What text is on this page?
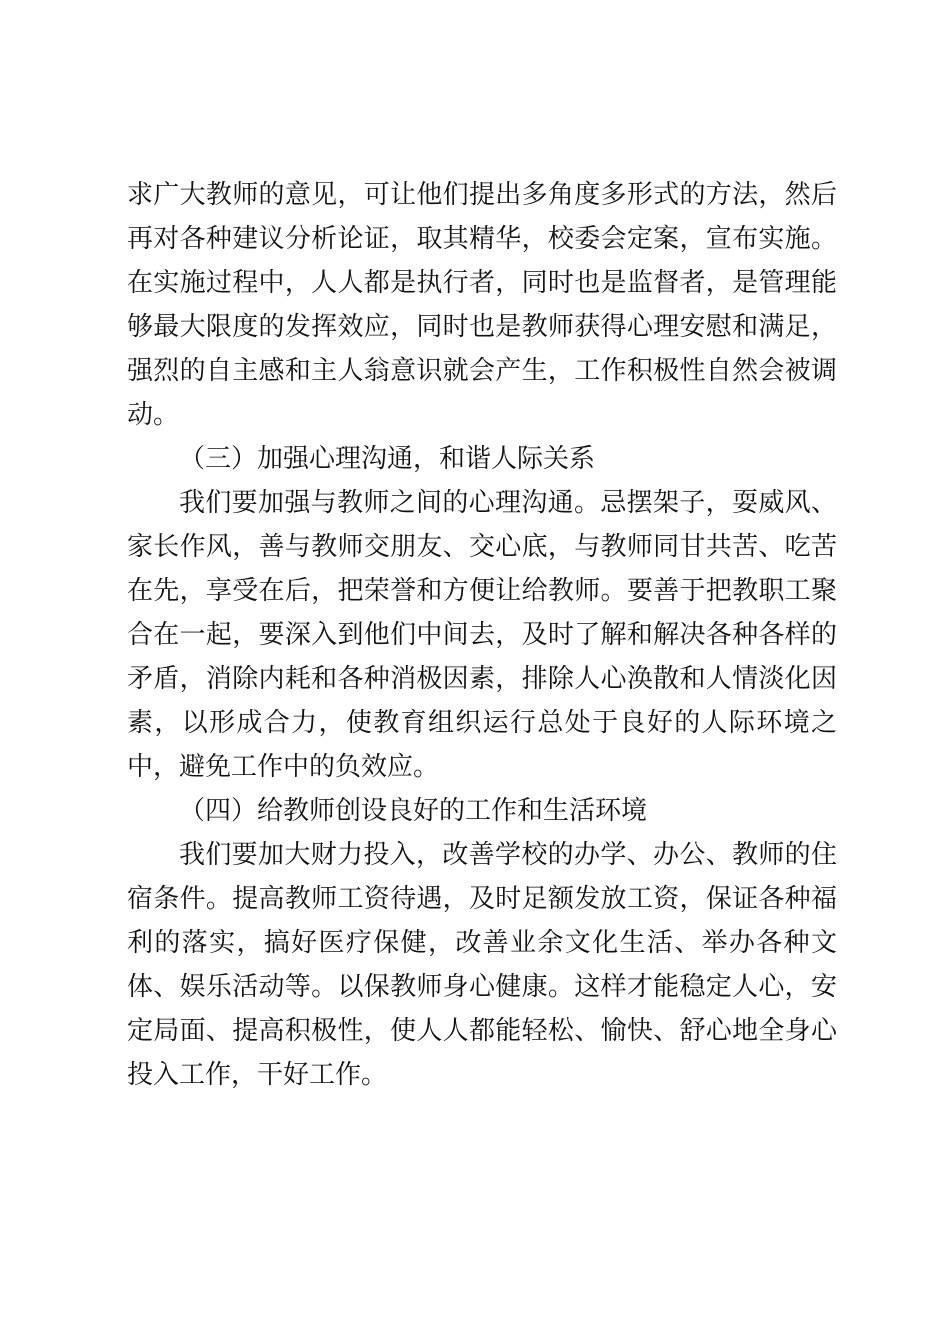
求广大教师的意见，可让他们提出多角度多形式的方法，然后再对各种建议分析论证，取其精华，校委会定案，宣布实施。在实施过程中，人人都是执行者，同时也是监督者，是管理能够最大限度的发挥效应，同时也是教师获得心理安慰和满足，强烈的自主感和主人翁意识就会产生，工作积极性自然会被调动。

（三）加强心理沟通，和谐人际关系

我们要加强与教师之间的心理沟通。忌摆架子，耍威风、家长作风，善与教师交朋友、交心底，与教师同甘共苦、吃苦在先，享受在后，把荣誉和方便让给教师。要善于把教职工聚合在一起，要深入到他们中间去，及时了解和解决各种各样的矛盾，消除内耗和各种消极因素，排除人心涣散和人情淡化因素，以形成合力，使教育组织运行总处于良好的人际环境之中，避免工作中的负效应。

（四）给教师创设良好的工作和生活环境

我们要加大财力投入，改善学校的办学、办公、教师的住宿条件。提高教师工资待遇，及时足额发放工资，保证各种福利的落实，搞好医疗保健，改善业余文化生活、举办各种文体、娱乐活动等。以保教师身心健康。这样才能稳定人心，安定局面、提高积极性，使人人都能轻松、愉快、舒心地全身心投入工作，干好工作。
